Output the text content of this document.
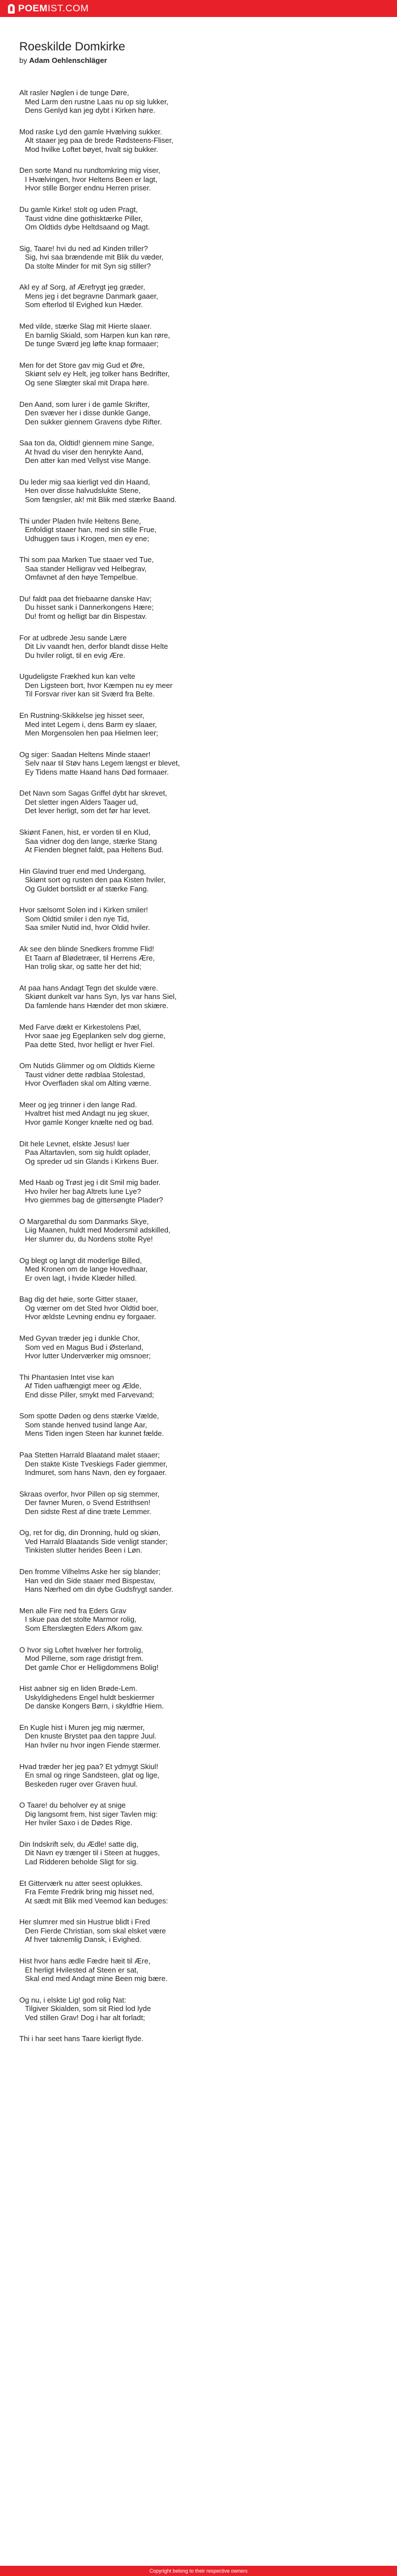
POEMIST.COM
Roeskilde Domkirke
by Adam Oehlenschläger
Alt rasler Nøglen i de tunge Døre,
Med Larm den rustne Laas nu op sig lukker,
Dens Genlyd kan jeg dybt i Kirken høre.
Mod raske Lyd den gamle Hvælving sukker.
Alt staaer jeg paa de brede Rødsteens-Fliser,
Mod hvilke Loftet bøyet, hvalt sig bukker.
Den sorte Mand nu rundtomkring mig viser,
I Hvælvingen, hvor Heltens Been er lagt,
Hvor stille Borger endnu Herren priser.
Du gamle Kirke! stolt og uden Pragt,
Taust vidne dine gothisktærke Piller,
Om Oldtids dybe Heltdsaand og Magt.
Sig, Taare! hvi du ned ad Kinden triller?
Sig, hvi saa brændende mit Blik du væder,
Da stolte Minder for mit Syn sig stiller?
Akl ey af Sorg, af Ærefrygt jeg græder,
Mens jeg i det begravne Danmark gaaer,
Som efterlod til Evighed kun Hæder.
Med vilde, stærke Slag mit Hierte slaaer.
En barnlig Skiald, som Harpen kun kan røre,
De tunge Sværd jeg løfte knap formaaer;
Men for det Store gav mig Gud et Øre,
Skiønt selv ey Helt, jeg tolker hans Bedrifter,
Og sene Slægter skal mit Drapa høre.
Den Aand, som lurer i de gamle Skrifter,
Den svæver her i disse dunkle Gange,
Den sukker giennem Gravens dybe Rifter.
Saa ton da, Oldtid! giennem mine Sange,
At hvad du viser den henrykte Aand,
Den atter kan med Vellyst vise Mange.
Du leder mig saa kierligt ved din Haand,
Hen over disse halvudslukte Stene,
Som fængsler, ak! mit Blik med stærke Baand.
Thi under Pladen hvile Heltens Bene,
Enfoldigt staaer han, med sin stille Frue,
Udhuggen taus i Krogen, men ey ene;
Thi som paa Marken Tue staaer ved Tue,
Saa stander Helligrav ved Helbegrav,
Omfavnet af den høye Tempelbue.
Du! faldt paa det friebaarne danske Hav;
Du hisset sank i Dannerkongens Hære;
Du! fromt og helligt bar din Bispestav.
For at udbrede Jesu sande Lære
Dit Liv vaandt hen, derfor blandt disse Helte
Du hviler roligt, til en evig Ære.
Ugudeligste Frækhed kun kan velte
Den Ligsteen bort, hvor Kæmpen nu ey meer
Til Forsvar river kan sit Sværd fra Belte.
En Rustning-Skikkelse jeg hisset seer,
Med intet Legem i, dens Barm ey slaaer,
Men Morgensolen hen paa Hielmen leer;
Og siger: Saadan Heltens Minde staaer!
Selv naar til Støv hans Legem længst er blevet,
Ey Tidens matte Haand hans Død formaaer.
Det Navn som Sagas Griffel dybt har skrevet,
Det sletter ingen Alders Taager ud,
Det lever herligt, som det før har levet.
Skiønt Fanen, hist, er vorden til en Klud,
Saa vidner dog den lange, stærke Stang
At Fienden blegnet faldt, paa Heltens Bud.
Hin Glavind truer end med Undergang,
Skiønt sort og rusten den paa Kisten hviler,
Og Guldet bortslidt er af stærke Fang.
Hvor sælsomt Solen ind i Kirken smiler!
Som Oldtid smiler i den nye Tid,
Saa smiler Nutid ind, hvor Oldid hviler.
Ak see den blinde Snedkers fromme Flid!
Et Taarn af Blødetræer, til Herrens Ære,
Han trolig skar, og satte her det hid;
At paa hans Andagt Tegn det skulde være.
Skiønt dunkelt var hans Syn, lys var hans Siel,
Da famlende hans Hænder det mon skiære.
Med Farve dækt er Kirkestolens Pæl,
Hvor saae jeg Egeplanken selv dog gierne,
Paa dette Sted, hvor helligt er hver Fiel.
Om Nutids Glimmer og om Oldtids Kierne
Taust vidner dette rødblaa Stolestad,
Hvor Overfladen skal om Alting værne.
Meer og jeg trinner i den lange Rad.
Hvaltret hist med Andagt nu jeg skuer,
Hvor gamle Konger knælte ned og bad.
Dit hele Levnet, elskte Jesus! luer
Paa Altartavlen, som sig huldt oplader,
Og spreder ud sin Glands i Kirkens Buer.
Med Haab og Trøst jeg i dit Smil mig bader.
Hvo hviler her bag Altrets lune Lye?
Hvo giemmes bag de gittersøngte Plader?
O Margarethal du som Danmarks Skye,
Liig Maanen, huldt med Modersmil adskilled,
Her slumrer du, du Nordens stolte Rye!
Og blegt og langt dit moderlige Billed,
Med Kronen om de lange Hovedhaar,
Er oven lagt, i hvide Klæder hilled.
Bag dig det høie, sorte Gitter staaer,
Og værner om det Sted hvor Oldtid boer,
Hvor ældste Levning endnu ey forgaaer.
Med Gyvan træder jeg i dunkle Chor,
Som ved en Magus Bud i Østerland,
Hvor lutter Underværker mig omsnoer;
Thi Phantasien Intet vise kan
Af Tiden uafhængigt meer og Ælde,
End disse Piller, smykt med Farvevand;
Som spotte Døden og dens stærke Vælde,
Som stande henved tusind lange Aar,
Mens Tiden ingen Steen har kunnet fælde.
Paa Stetten Harrald Blaatand malet staaer;
Den stakte Kiste Tveskiegs Fader giemmer,
Indmuret, som hans Navn, den ey forgaaer.
Skraas overfor, hvor Pillen op sig stemmer,
Der favner Muren, o Svend Estrithsen!
Den sidste Rest af dine træte Lemmer.
Og, ret for dig, din Dronning, huld og skiøn,
Ved Harrald Blaatands Side venligt stander;
Tinkisten slutter herides Been i Løn.
Den fromme Vilhelms Aske her sig blander;
Han ved din Side staaer med Bispestav,
Hans Nærhed om din dybe Gudsfrygt sander.
Men alle Fire ned fra Eders Grav
I skue paa det stolte Marmor rolig,
Som Efterslægten Eders Afkom gav.
O hvor sig Loftet hvælver her fortrolig,
Mod Pillerne, som rage dristigt frem.
Det gamle Chor er Helligdommens Bolig!
Hist aabner sig en liden Brøde-Lem.
Uskyldighedens Engel huldt beskiermer
De danske Kongers Børn, i skyldfrie Hiem.
En Kugle hist i Muren jeg mig nærmer,
Den knuste Brystet paa den tappre Juul.
Han hviler nu hvor ingen Fiende stærmer.
Hvad træder her jeg paa? Et ydmygt Skiul!
En smal og ringe Sandsteen, glat og lige,
Beskeden ruger over Graven huul.
O Taare! du beholver ey at snige
Dig langsomt frem, hist siger Tavlen mig:
Her hviler Saxo i de Dødes Rige.
Din Indskrift selv, du Ædle! satte dig,
Dit Navn ey trænger til i Steen at hugges,
Lad Ridderen beholde Sligt for sig.
Et Gitterværk nu atter seest oplukkes.
Fra Femte Fredrik bring mig hisset ned,
At sædt mit Blik med Veemod kan beduges:
Her slumrer med sin Hustrue blidt i Fred
Den Fierde Christian, som skal elsket være
Af hver taknemlig Dansk, i Evighed.
Hist hvor hans ædle Fædre hæit til Ære,
Et herligt Hvilested af Steen er sat,
Skal end med Andagt mine Been mig bære.
Og nu, i elskte Lig! god rolig Nat:
Tilgiver Skialden, som sit Ried lod lyde
Ved stillen Grav! Dog i har alt forladt;
Thi i har seet hans Taare kierligt flyde.
Copyright belong to their respective owners
